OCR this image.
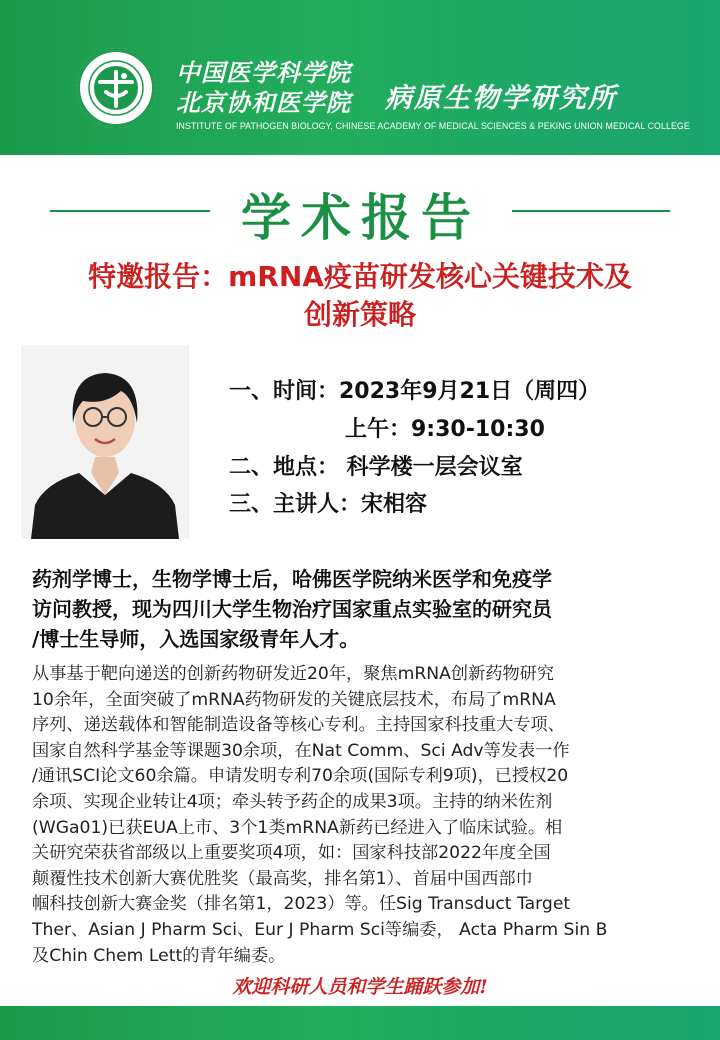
中国医学科学院
北京协和医学院 病原生物学研究所
INSTITUTE OF PATHOGEN BIOLOGY, CHINESE ACADEMY OF MEDICAL SCIENCES & PEKING UNION MEDICAL COLLEGE
学术报告
特邀报告：mRNA疫苗研发核心关键技术及
创新策略
一、时间：2023年9月21日（周四）
上午：9:30-10:30
二、地点： 科学楼一层会议室
三、主讲人：宋相容
药剂学博士，生物学博士后，哈佛医学院纳米医学和免疫学
访问教授，现为四川大学生物治疗国家重点实验室的研究员
/博士生导师，入选国家级青年人才。
从事基于靶向递送的创新药物研发近20年，聚焦mRNA创新药物研究
10余年，全面突破了mRNA药物研发的关键底层技术，布局了mRNA
序列、递送载体和智能制造设备等核心专利。主持国家科技重大专项、
国家自然科学基金等课题30余项，在Nat Comm、Sci Adv等发表一作
/通讯SCI论文60余篇。申请发明专利70余项(国际专利9项)，已授权20
余项、实现企业转让4项；牵头转予药企的成果3项。主持的纳米佐剂
(WGa01)已获EUA上市、3个1类mRNA新药已经进入了临床试验。相
关研究荣获省部级以上重要奖项4项，如：国家科技部2022年度全国
颠覆性技术创新大赛优胜奖（最高奖，排名第1）、首届中国西部巾
帼科技创新大赛金奖（排名第1，2023）等。任Sig Transduct Target
Ther、Asian J Pharm Sci、Eur J Pharm Sci等编委， Acta Pharm Sin B
及Chin Chem Lett的青年编委。
欢迎科研人员和学生踊跃参加!
